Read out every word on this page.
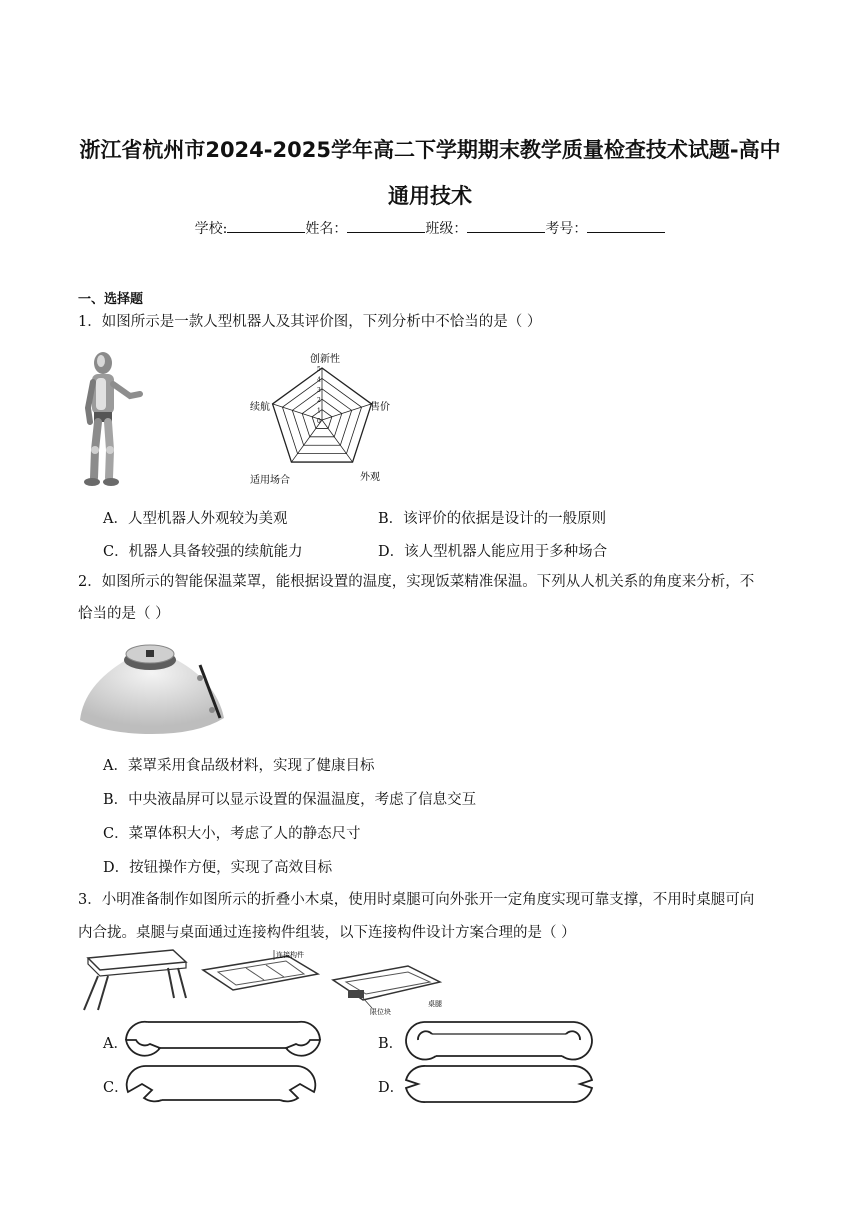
浙江省杭州市2024-2025学年高二下学期期末教学质量检查技术试题-高中
通用技术
学校:	姓名：	班级：	考号：
一、选择题
1．如图所示是一款人型机器人及其评价图，下列分析中不恰当的是（ ）
5
4
3
2
1
0
创新性
售价
外观
适用场合
续航
A．人型机器人外观较为美观	B．该评价的依据是设计的一般原则
C．机器人具备较强的续航能力	D．该人型机器人能应用于多种场合
2．如图所示的智能保温菜罩，能根据设置的温度，实现饭菜精准保温。下列从人机关系的角度来分析，不
恰当的是（ ）
A．菜罩采用食品级材料，实现了健康目标
B．中央液晶屏可以显示设置的保温温度，考虑了信息交互
C．菜罩体积大小，考虑了人的静态尺寸
D．按钮操作方便，实现了高效目标
3．小明准备制作如图所示的折叠小木桌，使用时桌腿可向外张开一定角度实现可靠支撑，不用时桌腿可向
内合拢。桌腿与桌面通过连接构件组装，以下连接构件设计方案合理的是（ ）
连接构件
限位块
桌腿
A．	B．
C．	D．
